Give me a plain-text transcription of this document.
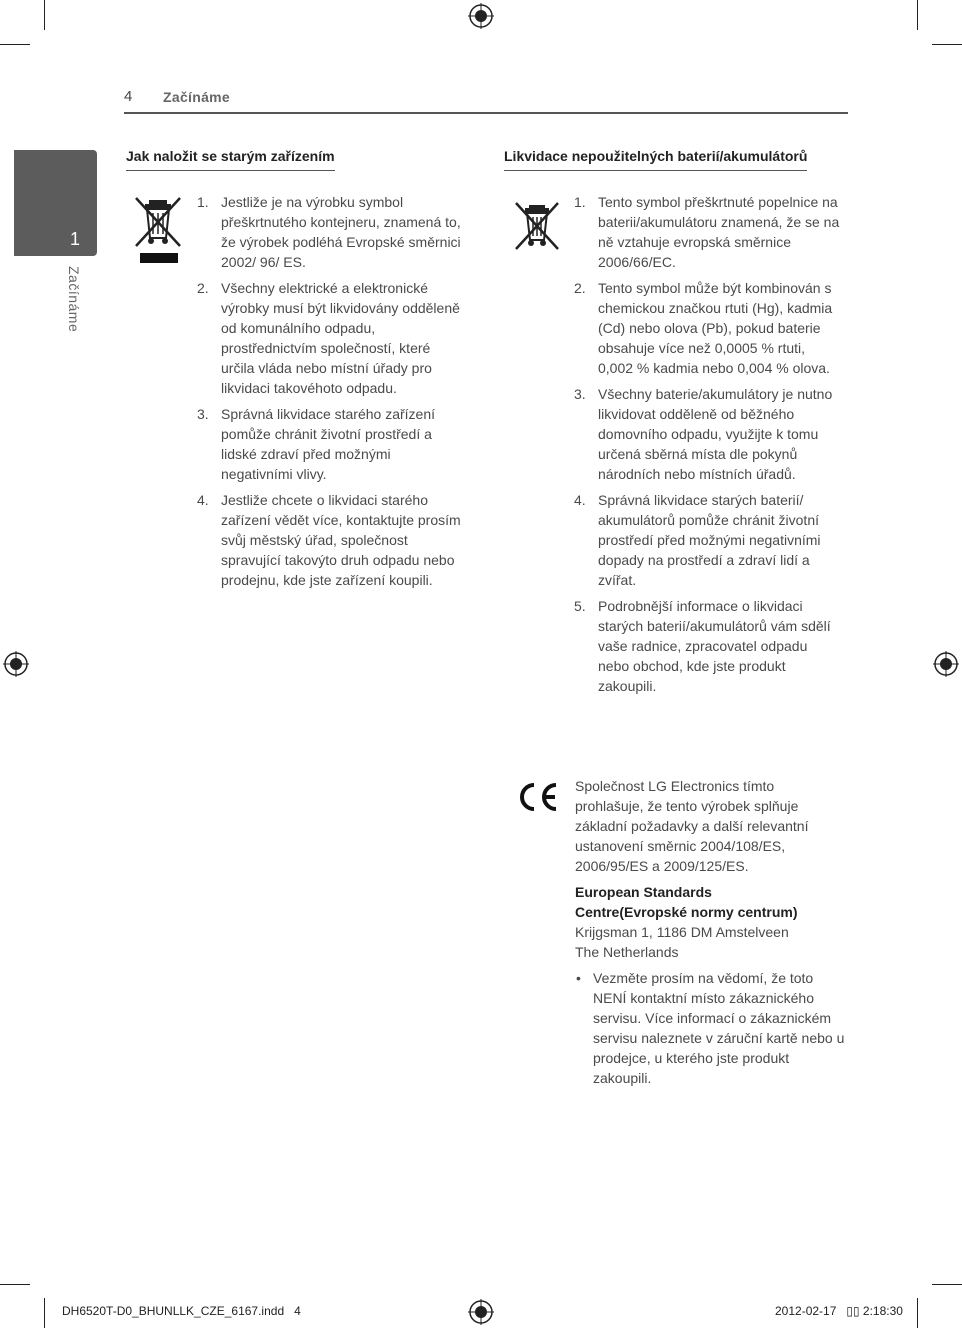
4 Začínáme
1
Začínáme
Jak naložit se starým zařízením
1. Jestliže je na výrobku symbol přeškrtnutého kontejneru, znamená to, že výrobek podléhá Evropské směrnici 2002/ 96/ ES.
2. Všechny elektrické a elektronické výrobky musí být likvidovány odděleně od komunálního odpadu, prostřednictvím společností, které určila vláda nebo místní úřady pro likvidaci takovéhoto odpadu.
3. Správná likvidace starého zařízení pomůže chránit životní prostředí a lidské zdraví před možnými negativními vlivy.
4. Jestliže chcete o likvidaci starého zařízení vědět více, kontaktujte prosím svůj městský úřad, společnost spravující takovýto druh odpadu nebo prodejnu, kde jste zařízení koupili.
Likvidace nepoužitelných baterií/akumulátorů
1. Tento symbol přeškrtnuté popelnice na baterii/akumulátoru znamená, že se na ně vztahuje evropská směrnice 2006/66/EC.
2. Tento symbol může být kombinován s chemickou značkou rtuti (Hg), kadmia (Cd) nebo olova (Pb), pokud baterie obsahuje více než 0,0005 % rtuti, 0,002 % kadmia nebo 0,004 % olova.
3. Všechny baterie/akumulátory je nutno likvidovat odděleně od běžného domovního odpadu, využijte k tomu určená sběrná místa dle pokynů národních nebo místních úřadů.
4. Správná likvidace starých baterií/ akumulátorů pomůže chránit životní prostředí před možnými negativními dopady na prostředí a zdraví lidí a zvířat.
5. Podrobnější informace o likvidaci starých baterií/akumulátorů vám sdělí vaše radnice, zpracovatel odpadu nebo obchod, kde jste produkt zakoupili.
Společnost LG Electronics tímto prohlašuje, že tento výrobek splňuje základní požadavky a další relevantní ustanovení směrnic 2004/108/ES, 2006/95/ES a 2009/125/ES.
European Standards
Centre(Evropské normy centrum)
Krijgsman 1, 1186 DM Amstelveen
The Netherlands
• Vezměte prosím na vědomí, že toto NENÍ kontaktní místo zákaznického servisu. Více informací o zákaznickém servisu naleznete v záruční kartě nebo u prodejce, u kterého jste produkt zakoupili.
DH6520T-D0_BHUNLLK_CZE_6167.indd   4	2012-02-17   ▯▯ 2:18:30
